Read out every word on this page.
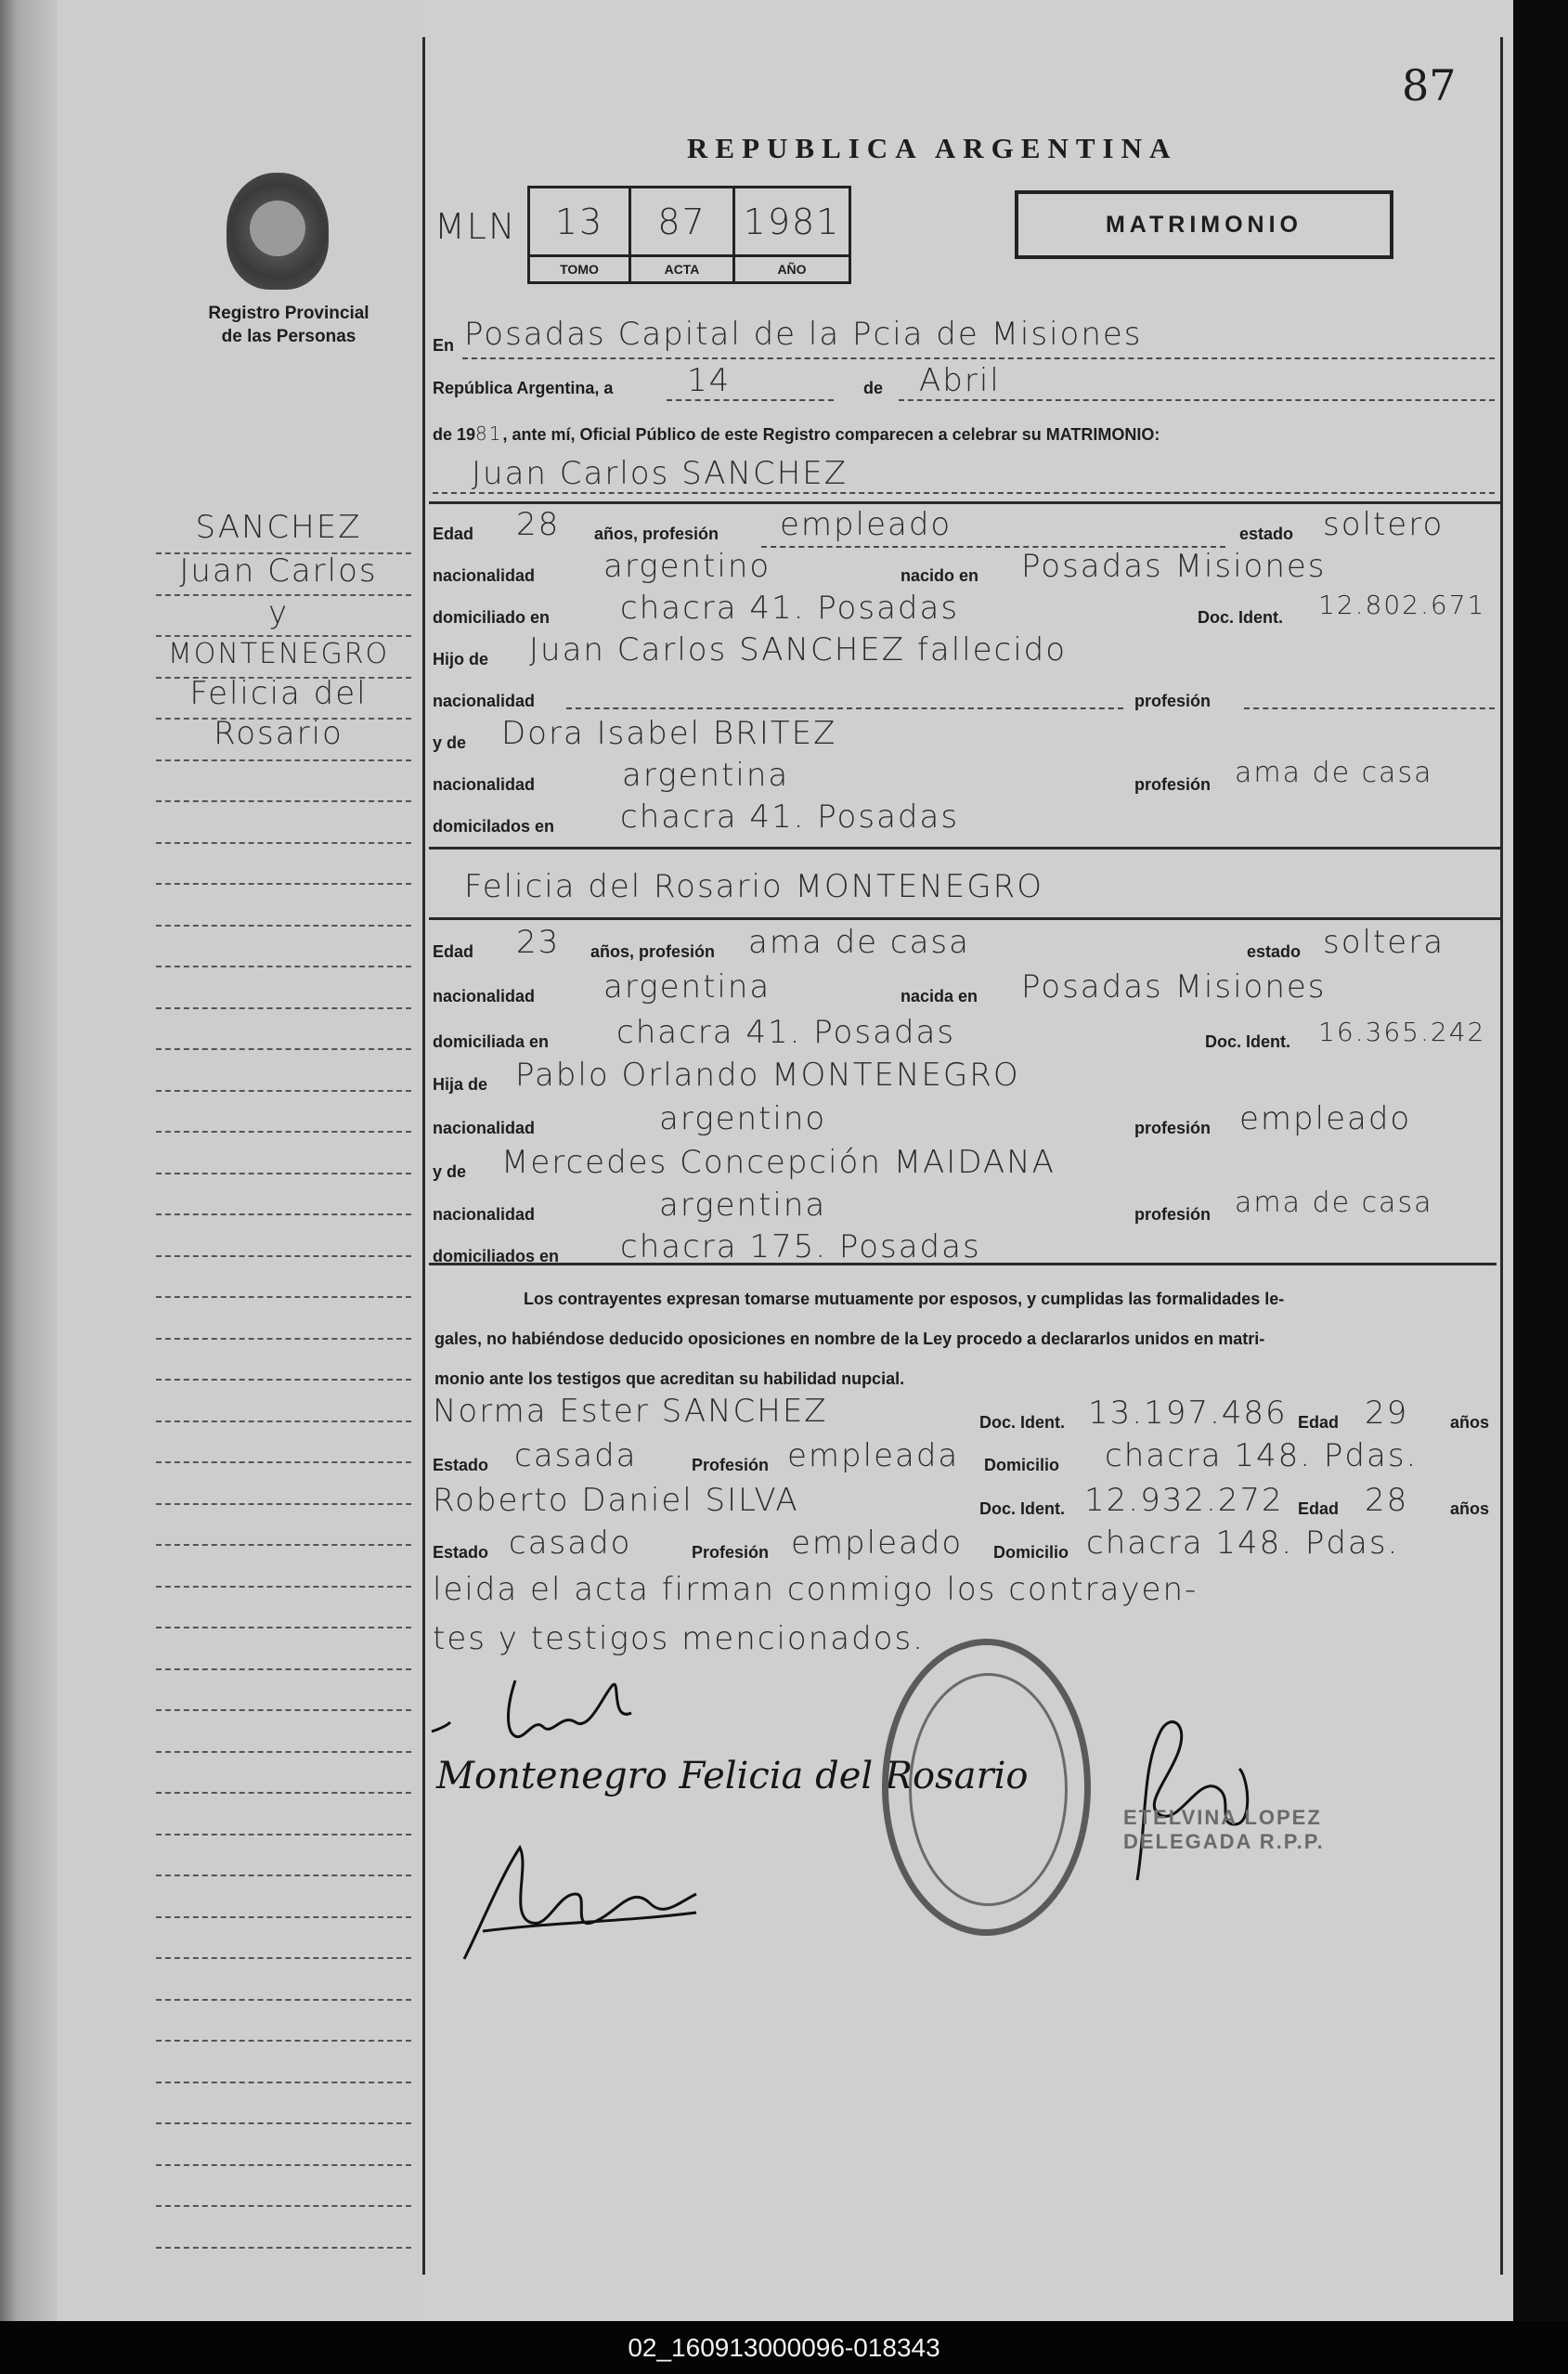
87
REPUBLICA ARGENTINA
MATRIMONIO
Registro Provincial
de las Personas
MLN	13
TOMO
87
ACTA
1981
AÑO
En Posadas Capital de la Pcia de Misiones
República Argentina, a 14	de Abril
de 1981, ante mí, Oficial Público de este Registro comparecen a celebrar su MATRIMONIO:
Juan Carlos SANCHEZ
Edad 28 años, profesión empleado	estado soltero
nacionalidad argentino	nacido en Posadas Misiones
domiciliado en chacra 41. Posadas	Doc. Ident. 12.802.671
Hijo de Juan Carlos SANCHEZ fallecido
nacionalidad	profesión
y de Dora Isabel BRITEZ
nacionalidad	argentina	profesión ama de casa
domicilados en chacra 41. Posadas
Felicia del Rosario MONTENEGRO
Edad 23 años, profesión ama de casa	estado soltera
nacionalidad argentina	nacida en Posadas Misiones
domiciliada en chacra 41. Posadas	Doc. Ident. 16.365.242
Hija de Pablo Orlando MONTENEGRO
nacionalidad	argentino	profesión empleado
y de Mercedes Concepción MAIDANA
nacionalidad	argentina	profesión ama de casa
domiciliados en chacra 175. Posadas
Los contrayentes expresan tomarse mutuamente por esposos, y cumplidas las formalidades le-
gales, no habiéndose deducido oposiciones en nombre de la Ley procedo a declararlos unidos en matri-
monio ante los testigos que acreditan su habilidad nupcial.
Norma Ester SANCHEZ	Doc. Ident. 13.197.486 Edad 29 años
Estado casada	Profesión empleada Domicilio chacra 148. Pdas.
Roberto Daniel SILVA	Doc. Ident. 12.932.272 Edad 28 años
Estado casado	Profesión empleado Domicilio chacra 148. Pdas.
leida el acta firman conmigo los contrayen-
tes y testigos mencionados.
Montenegro Felicia del Rosario
ETELVINA LOPEZ
DELEGADA R.P.P.
SANCHEZ
Juan Carlos
y
MONTENEGRO
Felicia del
Rosario
02_160913000096-018343
